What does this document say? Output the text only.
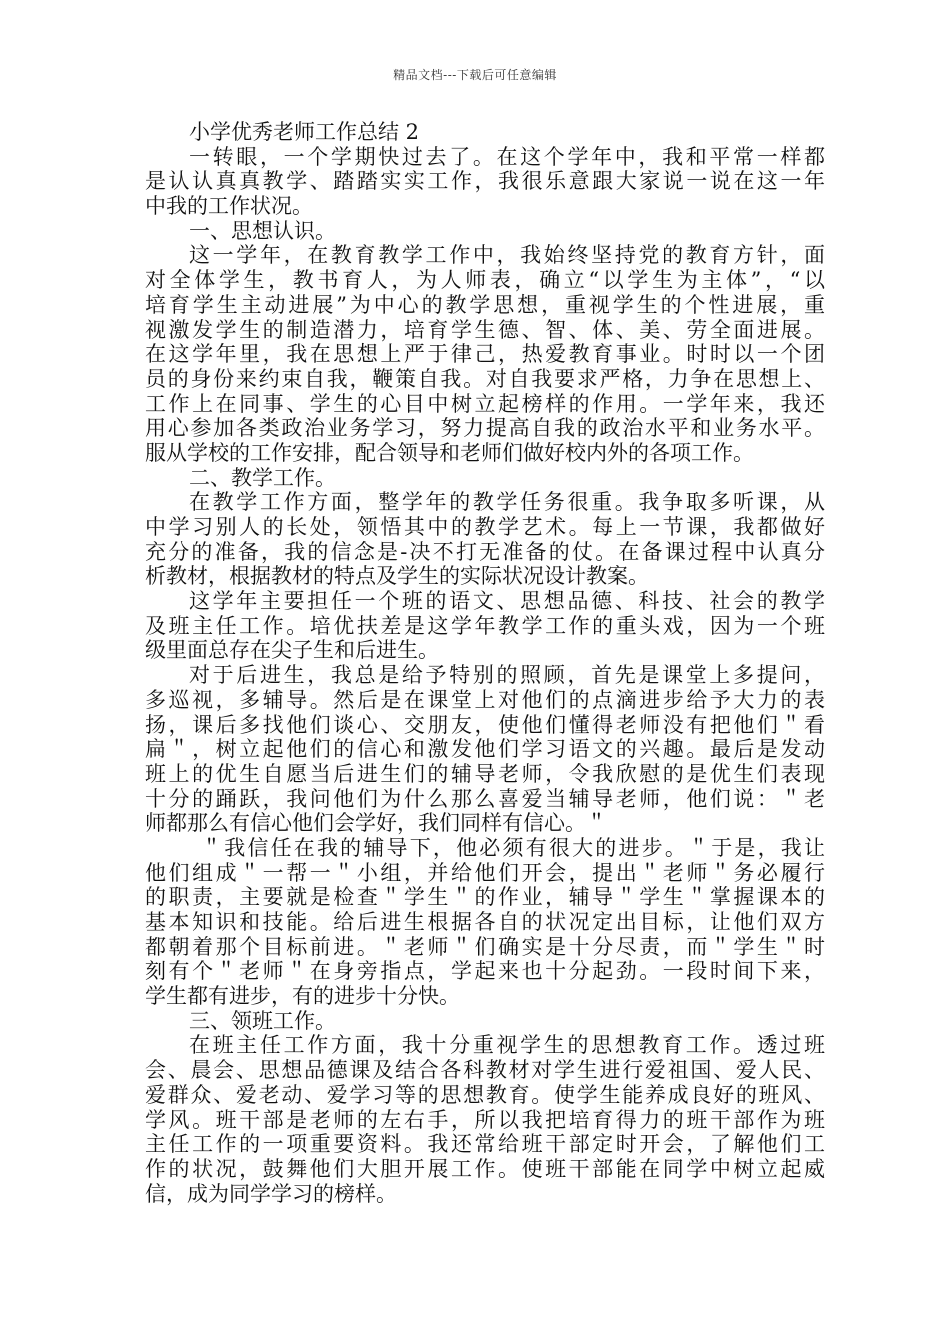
精品文档---下载后可任意编辑
小学优秀老师工作总结 2
一转眼，一个学期快过去了。在这个学年中，我和平常一样都
是认认真真教学、踏踏实实工作，我很乐意跟大家说一说在这一年
中我的工作状况。
一、思想认识。
这一学年，在教育教学工作中，我始终坚持党的教育方针，面
对全体学生，教书育人，为人师表，确立“以学生为主体”，“以
培育学生主动进展”为中心的教学思想，重视学生的个性进展，重
视激发学生的制造潜力，培育学生德、智、体、美、劳全面进展。
在这学年里，我在思想上严于律己，热爱教育事业。时时以一个团
员的身份来约束自我，鞭策自我。对自我要求严格，力争在思想上、
工作上在同事、学生的心目中树立起榜样的作用。一学年来，我还
用心参加各类政治业务学习，努力提高自我的政治水平和业务水平。
服从学校的工作安排，配合领导和老师们做好校内外的各项工作。
二、教学工作。
在教学工作方面，整学年的教学任务很重。我争取多听课，从
中学习别人的长处，领悟其中的教学艺术。每上一节课，我都做好
充分的准备，我的信念是-决不打无准备的仗。在备课过程中认真分
析教材，根据教材的特点及学生的实际状况设计教案。
这学年主要担任一个班的语文、思想品德、科技、社会的教学
及班主任工作。培优扶差是这学年教学工作的重头戏，因为一个班
级里面总存在尖子生和后进生。
对于后进生，我总是给予特别的照顾，首先是课堂上多提问，
多巡视，多辅导。然后是在课堂上对他们的点滴进步给予大力的表
扬，课后多找他们谈心、交朋友，使他们懂得老师没有把他们＂看
扁＂，树立起他们的信心和激发他们学习语文的兴趣。最后是发动
班上的优生自愿当后进生们的辅导老师，令我欣慰的是优生们表现
十分的踊跃，我问他们为什么那么喜爱当辅导老师，他们说：＂老
师都那么有信心他们会学好，我们同样有信心。＂
＂我信任在我的辅导下，他必须有很大的进步。＂于是，我让
他们组成＂一帮一＂小组，并给他们开会，提出＂老师＂务必履行
的职责，主要就是检查＂学生＂的作业，辅导＂学生＂掌握课本的
基本知识和技能。给后进生根据各自的状况定出目标，让他们双方
都朝着那个目标前进。＂老师＂们确实是十分尽责，而＂学生＂时
刻有个＂老师＂在身旁指点，学起来也十分起劲。一段时间下来，
学生都有进步，有的进步十分快。
三、领班工作。
在班主任工作方面，我十分重视学生的思想教育工作。透过班
会、晨会、思想品德课及结合各科教材对学生进行爱祖国、爱人民、
爱群众、爱老动、爱学习等的思想教育。使学生能养成良好的班风、
学风。班干部是老师的左右手，所以我把培育得力的班干部作为班
主任工作的一项重要资料。我还常给班干部定时开会，了解他们工
作的状况，鼓舞他们大胆开展工作。使班干部能在同学中树立起威
信，成为同学学习的榜样。
